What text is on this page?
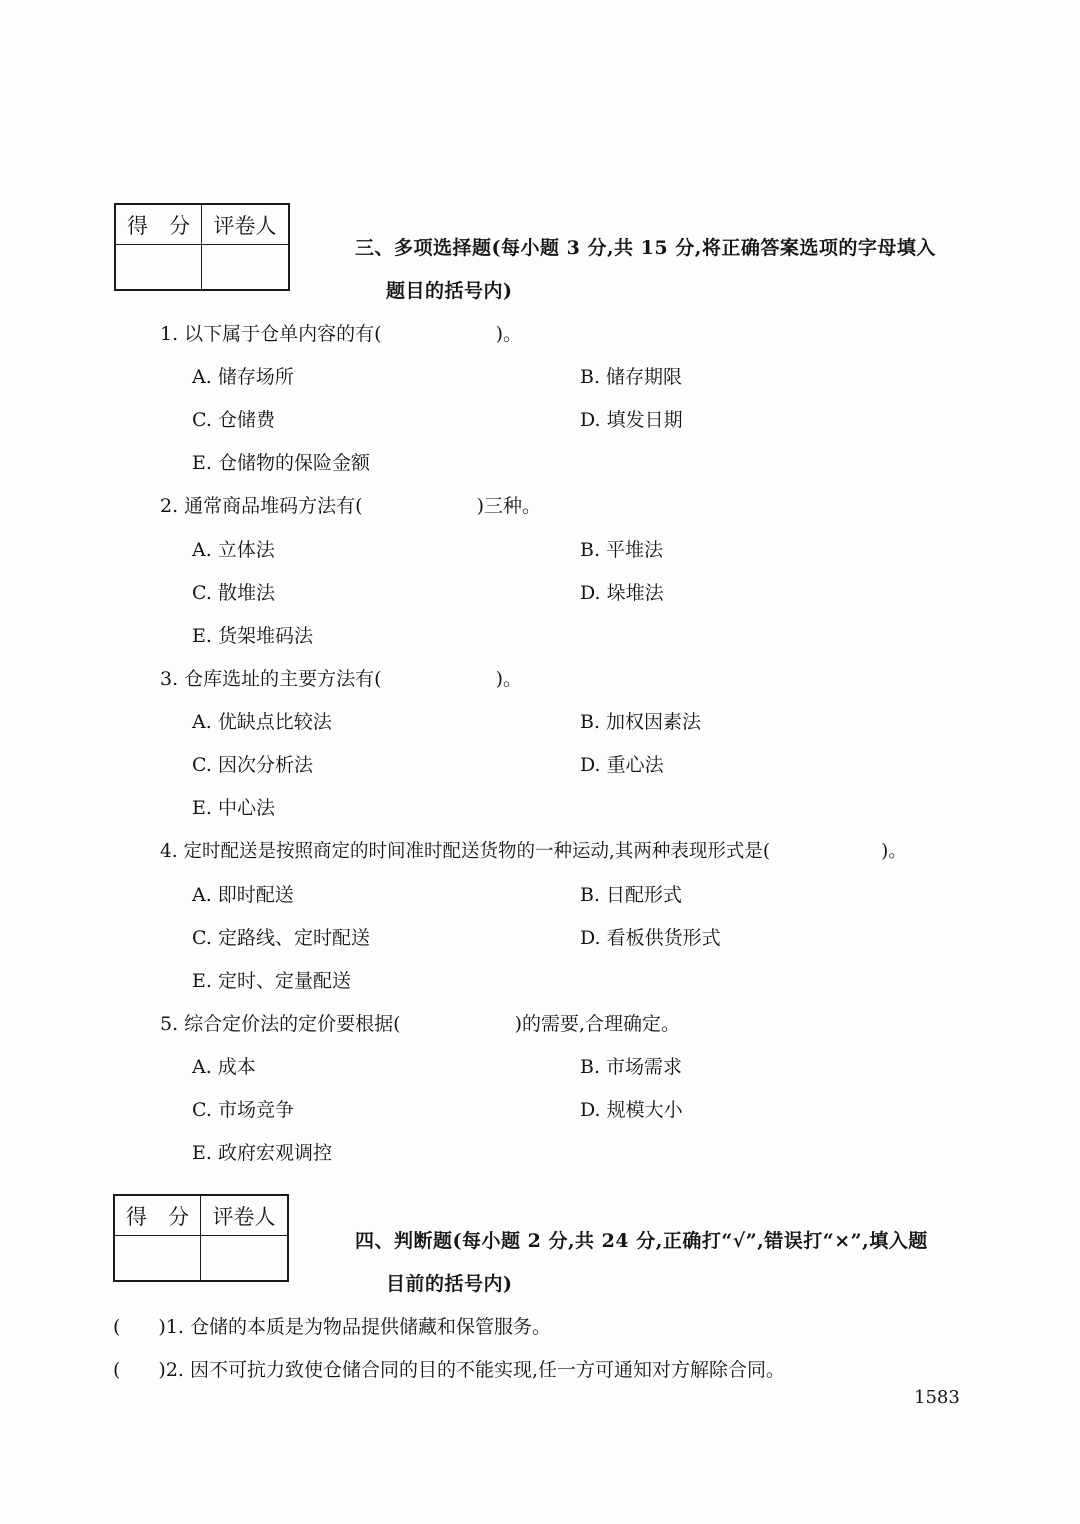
得　分	评卷人
三、多项选择题(每小题 3 分,共 15 分,将正确答案选项的字母填入
题目的括号内)
1. 以下属于仓单内容的有(　　　　　　)。
A. 储存场所	B. 储存期限
C. 仓储费	D. 填发日期
E. 仓储物的保险金额
2. 通常商品堆码方法有(　　　　　　)三种。
A. 立体法	B. 平堆法
C. 散堆法	D. 垛堆法
E. 货架堆码法
3. 仓库选址的主要方法有(　　　　　　)。
A. 优缺点比较法	B. 加权因素法
C. 因次分析法	D. 重心法
E. 中心法
4. 定时配送是按照商定的时间准时配送货物的一种运动,其两种表现形式是(　　　　　　)。
A. 即时配送	B. 日配形式
C. 定路线、定时配送	D. 看板供货形式
E. 定时、定量配送
5. 综合定价法的定价要根据(　　　　　　)的需要,合理确定。
A. 成本	B. 市场需求
C. 市场竞争	D. 规模大小
E. 政府宏观调控
得　分	评卷人
四、判断题(每小题 2 分,共 24 分,正确打“√”,错误打“×”,填入题
目前的括号内)
(　　)1. 仓储的本质是为物品提供储藏和保管服务。
(　　)2. 因不可抗力致使仓储合同的目的不能实现,任一方可通知对方解除合同。
1583
